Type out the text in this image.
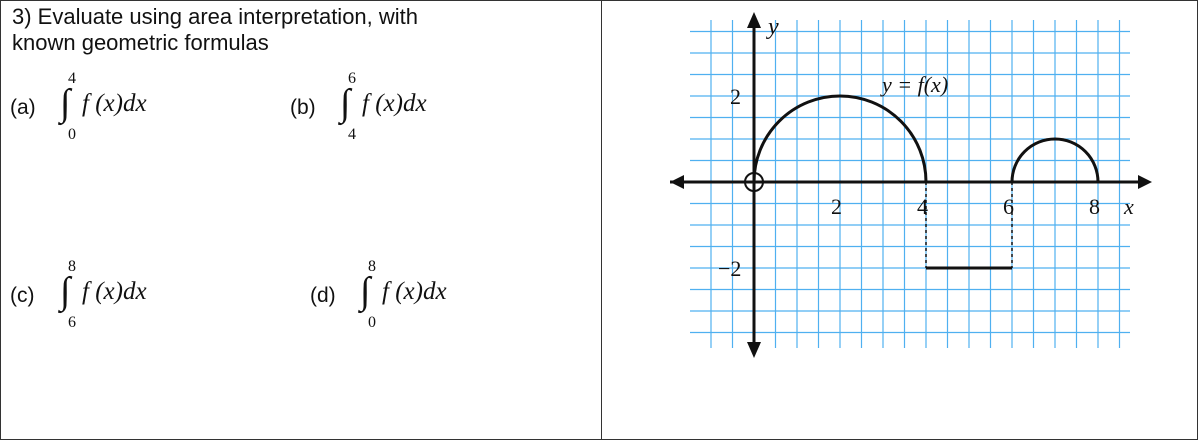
3) Evaluate using area interpretation, with
known geometric formulas
(a) ∫
4
0
f (x)dx	(b) ∫
6
4
f (x)dx
(c) ∫
8
6
f (x)dx	(d) ∫
8
0
f (x)dx
y
x
y = f(x)
2	4	6	8
2
−2
